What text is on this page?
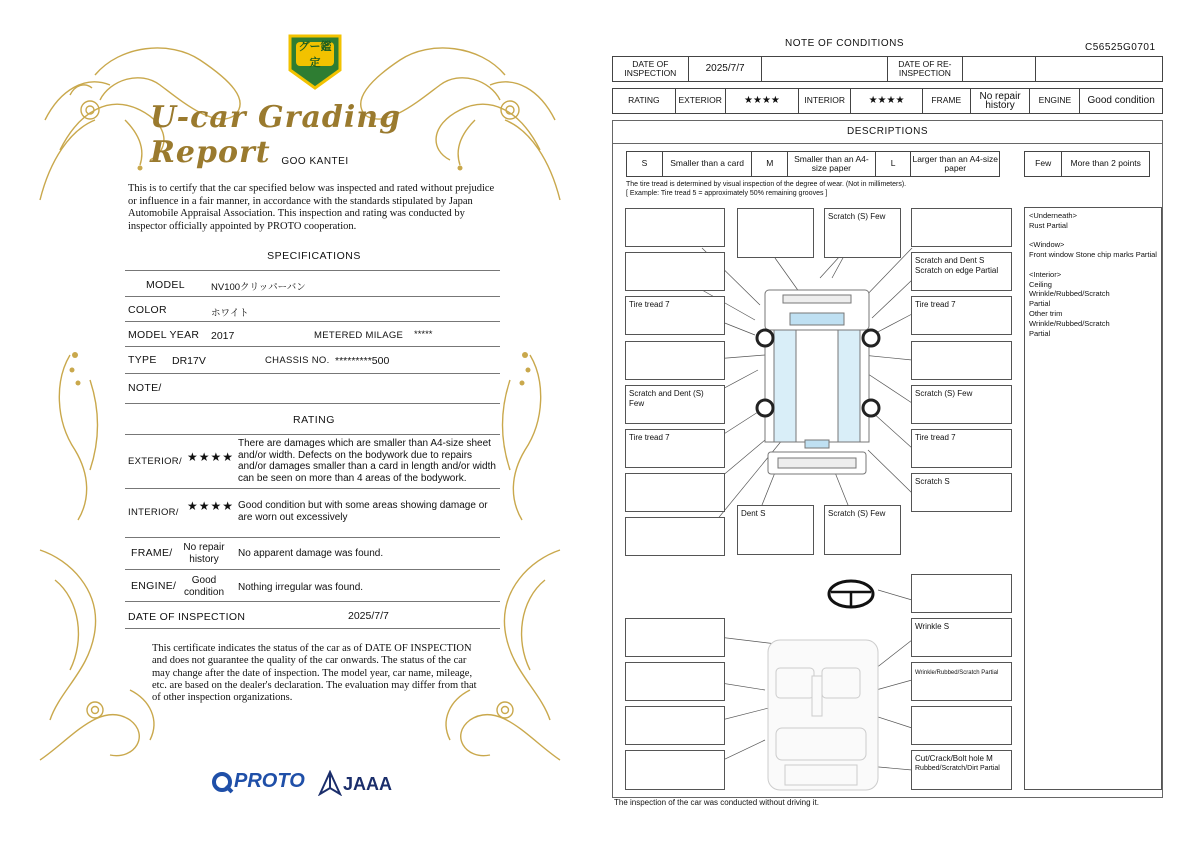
グー鑑定
U-car Grading Report	GOO KANTEI
This is to certify that the car specified below was inspected and rated without prejudice or influence in a fair manner, in accordance with the standards stipulated by Japan Automobile Appraisal Association. This inspection and rating was conducted by inspector officially appointed by PROTO cooperation.
SPECIFICATIONS
MODEL	NV100クリッパーバン
COLOR	ホワイト
MODEL YEAR 2017	METERED MILAGE *****
TYPE DR17V	CHASSIS NO. *********500
NOTE/
RATING
EXTERIOR/ ★★★★
There are damages which are smaller than A4-size sheet and/or width. Defects on the bodywork due to repairs and/or damages smaller than a card in length and/or width can be seen on more than 4 areas of the bodywork.
INTERIOR/ ★★★★ Good condition but with some areas showing damage or are worn out excessively
FRAME/	No repair history	No apparent damage was found.
ENGINE/	Good condition	Nothing irregular was found.
DATE OF INSPECTION	2025/7/7
This certificate indicates the status of the car as of DATE OF INSPECTION and does not guarantee the quality of the car onwards. The status of the car may change after the date of inspection. The model year, car name, mileage, etc. are based on the dealer's declaration. The evaluation may differ from that of other inspection organizations.
PROTO JAAA
NOTE OF CONDITIONS	C56525G0701
DATE OF INSPECTION	2025/7/7	DATE OF RE-INSPECTION
RATING	EXTERIOR	★★★★	INTERIOR	★★★★	FRAME	No repair history	ENGINE	Good condition
DESCRIPTIONS
S	Smaller than a card	M	Smaller than an A4-size paper	L	Larger than an A4-size paper	Few	More than 2 points
The tire tread is determined by visual inspection of the degree of wear. (Not in millimeters).
[ Example: Tire tread 5 = approximately 50% remaining grooves ]
Scratch (S) Few
Scratch and Dent S
Scratch on edge Partial
Tire tread 7	Tire tread 7
Scratch and Dent (S) Few
Scratch (S) Few
Tire tread 7	Tire tread 7
Scratch S
Dent S	Scratch (S) Few
Wrinkle S
Wrinkle/Rubbed/Scratch Partial
Cut/Crack/Bolt hole M
Rubbed/Scratch/Dirt Partial

<Underneath>
Rust Partial

<Window>
Front window Stone chip marks Partial

<Interior>
Ceiling
Wrinkle/Rubbed/Scratch
Partial
Other trim
Wrinkle/Rubbed/Scratch
Partial

The inspection of the car was conducted without driving it.
